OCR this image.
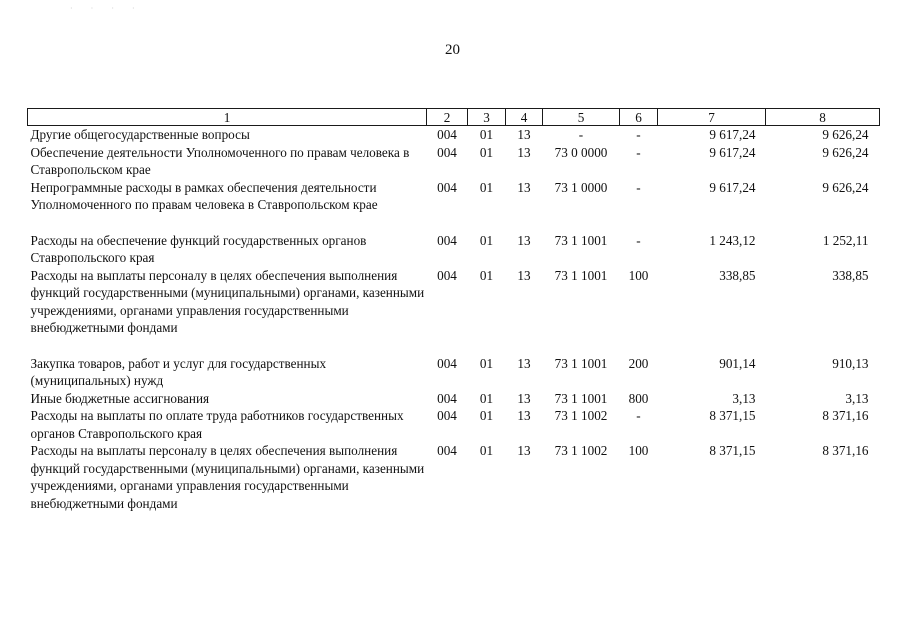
· · · ·
20
1	2	3	4	5	6	7	8
Другие общегосударственные вопросы	004	01	13	-	-	9 617,24	9 626,24
Обеспечение деятельности Уполномоченного по правам человека в Ставропольском крае	004	01	13	73 0 0000	-	9 617,24	9 626,24
Непрограммные расходы в рамках обеспечения деятельности Уполномоченного по правам человека в Ставропольском крае	004	01	13	73 1 0000	-	9 617,24	9 626,24
Расходы на обеспечение функций государственных органов Ставропольского края	004	01	13	73 1 1001	-	1 243,12	1 252,11
Расходы на выплаты персоналу в целях обеспечения выполнения функций государственными (муниципальными) органами, казенными учреждениями, органами управления государственными внебюджетными фондами	004	01	13	73 1 1001	100	338,85	338,85
Закупка товаров, работ и услуг для государственных (муниципальных) нужд	004	01	13	73 1 1001	200	901,14	910,13
Иные бюджетные ассигнования	004	01	13	73 1 1001	800	3,13	3,13
Расходы на выплаты по оплате труда работников государственных органов Ставропольского края	004	01	13	73 1 1002	-	8 371,15	8 371,16
Расходы на выплаты персоналу в целях обеспечения выполнения функций государственными (муниципальными) органами, казенными учреждениями, органами управления государственными внебюджетными фондами	004	01	13	73 1 1002	100	8 371,15	8 371,16
